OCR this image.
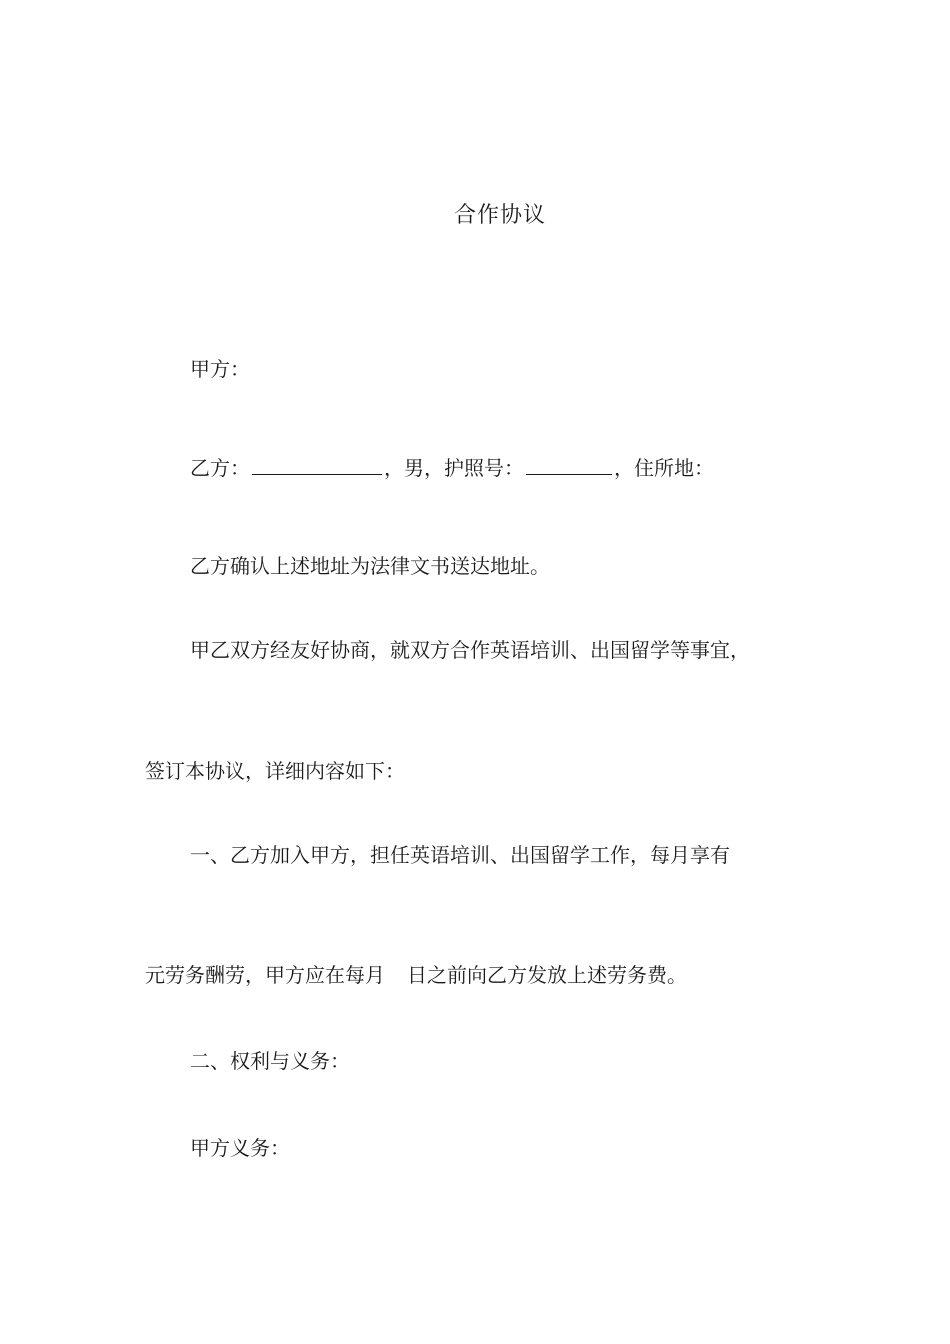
合作协议
甲方：
乙方：	，男，护照号：	，住所地：
乙方确认上述地址为法律文书送达地址。
甲乙双方经友好协商，就双方合作英语培训、出国留学等事宜，
签订本协议，详细内容如下：
一、乙方加入甲方，担任英语培训、出国留学工作，每月享有
元劳务酬劳，甲方应在每月 日之前向乙方发放上述劳务费。
二、权利与义务：
甲方义务：
